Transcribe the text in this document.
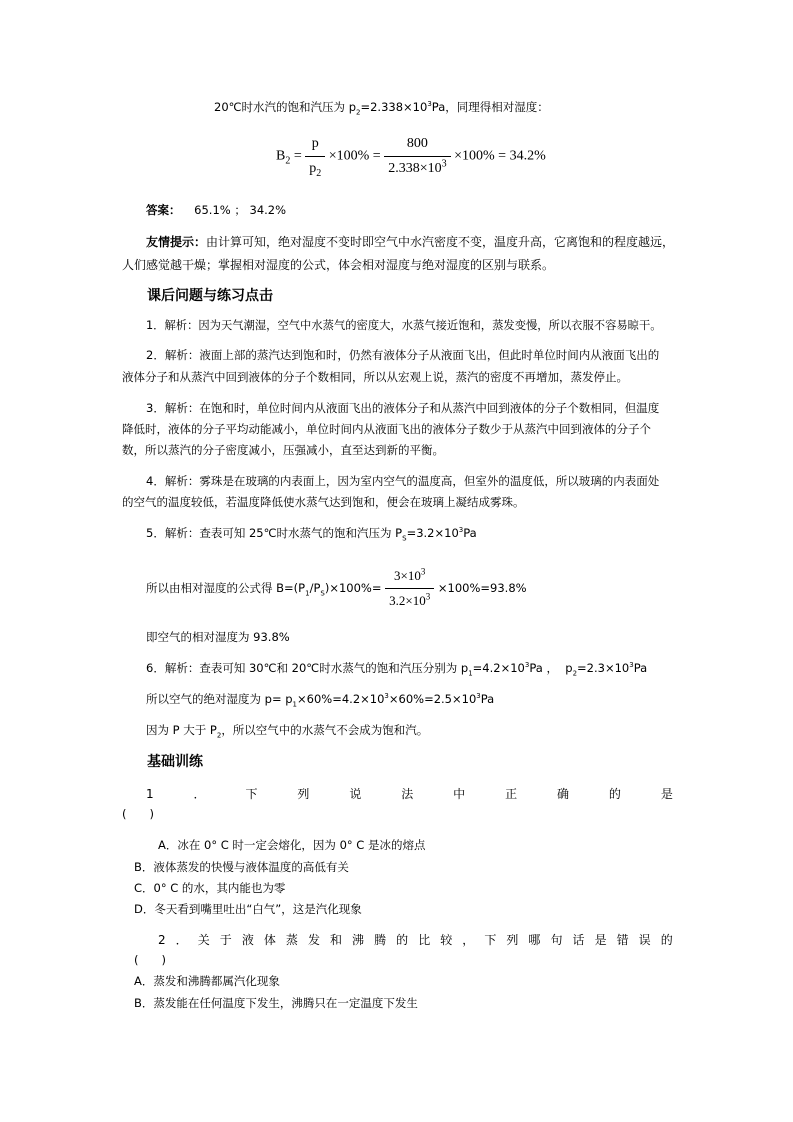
20℃时水汽的饱和汽压为 $p_2=2.338\times 10^3Pa$，同理得相对湿度：
$B_2 = \frac{p}{p_2} \times 100\% = \frac{800}{2.338\times 10^3} \times 100\% = 34.2\%$
答案： 65.1% ； 34.2%
友情提示：由计算可知，绝对湿度不变时即空气中水汽密度不变，温度升高，它离饱和的程度越远，
人们感觉越干燥；掌握相对湿度的公式，体会相对湿度与绝对湿度的区别与联系。
课后问题与练习点击
1．解析：因为天气潮湿，空气中水蒸气的密度大，水蒸气接近饱和，蒸发变慢，所以衣服不容易晾干。
2．解析：液面上部的蒸汽达到饱和时，仍然有液体分子从液面飞出，但此时单位时间内从液面飞出的
液体分子和从蒸汽中回到液体的分子个数相同，所以从宏观上说，蒸汽的密度不再增加，蒸发停止。
3．解析：在饱和时，单位时间内从液面飞出的液体分子和从蒸汽中回到液体的分子个数相同，但温度
降低时，液体的分子平均动能减小，单位时间内从液面飞出的液体分子数少于从蒸汽中回到液体的分子个
数，所以蒸汽的分子密度减小，压强减小，直至达到新的平衡。
4．解析：雾珠是在玻璃的内表面上，因为室内空气的温度高，但室外的温度低，所以玻璃的内表面处
的空气的温度较低，若温度降低使水蒸气达到饱和，便会在玻璃上凝结成雾珠。
5．解析：查表可知 25℃时水蒸气的饱和汽压为 $P_S=3.2\times 10^3Pa$
所以由相对湿度的公式得 $B=(P_1/P_S)\times 100\%= \frac{3\times 10^3}{3.2\times 10^3} \times 100\%=93.8\%$
即空气的相对湿度为 93.8%
6．解析：查表可知 30℃和 20℃时水蒸气的饱和汽压分别为 $p_1=4.2\times 10^3Pa$ ，  $p_2=2.3\times 10^3Pa$
所以空气的绝对湿度为 $p= p_1\times 60\%=4.2\times 10^3\times 60\%=2.5\times 10^3Pa$
因为 P 大于 $P_2$，所以空气中的水蒸气不会成为饱和汽。
基础训练
1	．	下	列	说	法	中	正	确	的	是
(　　)
A．冰在 0° C 时一定会熔化，因为 0° C 是冰的熔点
B．液体蒸发的快慢与液体温度的高低有关
C．0° C 的水，其内能也为零
D．冬天看到嘴里吐出“白气”，这是汽化现象
2 ． 关 于 液 体 蒸 发 和 沸 腾 的 比 较 ， 下 列 哪 句 话 是 错 误 的
(　　)
A．蒸发和沸腾都属汽化现象
B．蒸发能在任何温度下发生，沸腾只在一定温度下发生
